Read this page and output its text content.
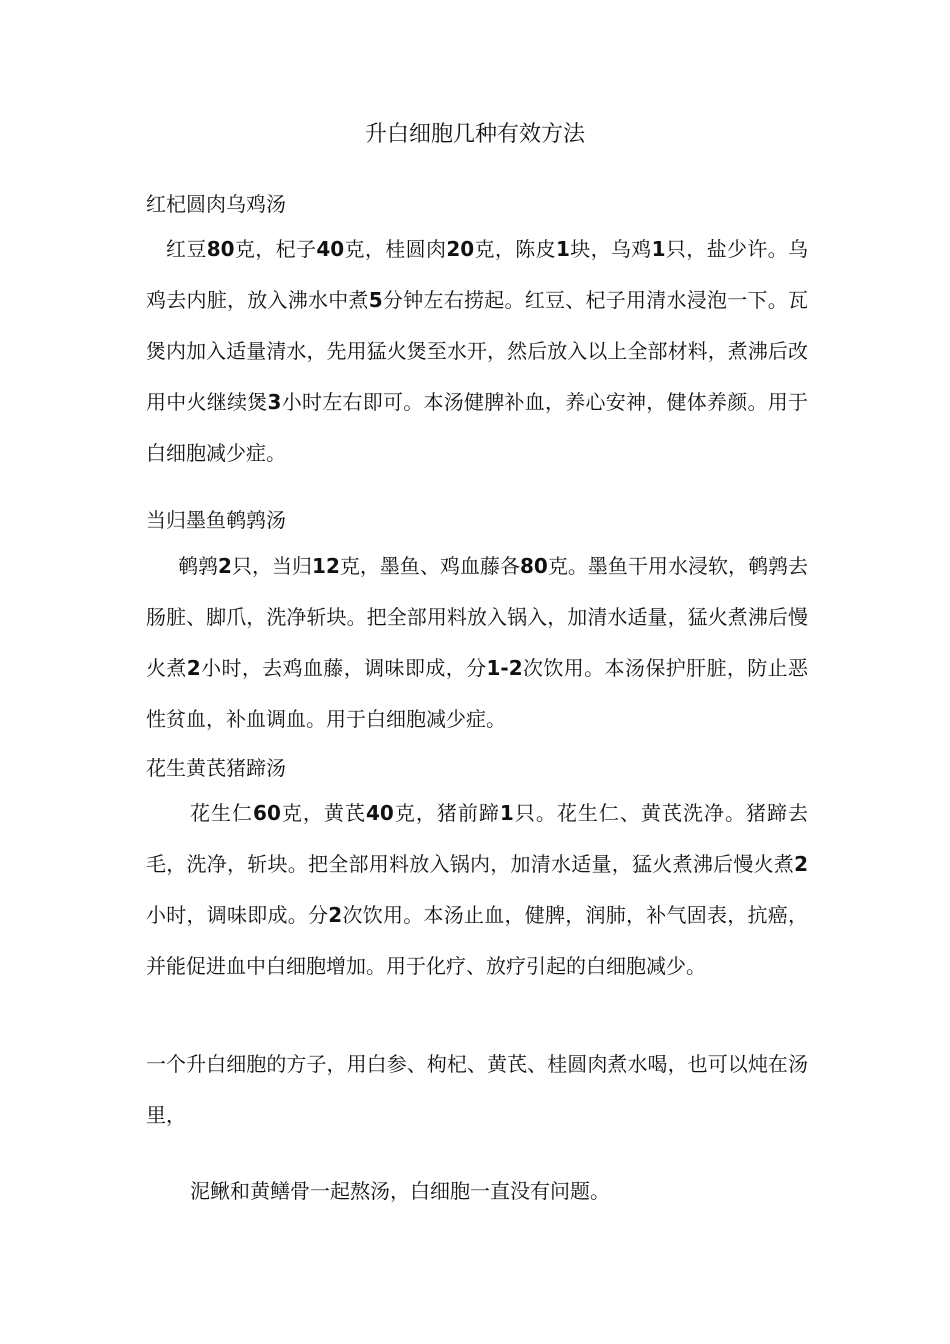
升白细胞几种有效方法
红杞圆肉乌鸡汤
红豆80克，杞子40克，桂圆肉20克，陈皮1块，乌鸡1只，盐少许。乌鸡去内脏，放入沸水中煮5分钟左右捞起。红豆、杞子用清水浸泡一下。瓦煲内加入适量清水，先用猛火煲至水开，然后放入以上全部材料，煮沸后改用中火继续煲3小时左右即可。本汤健脾补血，养心安神，健体养颜。用于白细胞减少症。
当归墨鱼鹌鹑汤
鹌鹑2只，当归12克，墨鱼、鸡血藤各80克。墨鱼干用水浸软，鹌鹑去肠脏、脚爪，洗净斩块。把全部用料放入锅入，加清水适量，猛火煮沸后慢火煮2小时，去鸡血藤，调味即成，分1-2次饮用。本汤保护肝脏，防止恶性贫血，补血调血。用于白细胞减少症。
花生黄芪猪蹄汤
花生仁60克，黄芪40克，猪前蹄1只。花生仁、黄芪洗净。猪蹄去毛，洗净，斩块。把全部用料放入锅内，加清水适量，猛火煮沸后慢火煮2小时，调味即成。分2次饮用。本汤止血，健脾，润肺，补气固表，抗癌，并能促进血中白细胞增加。用于化疗、放疗引起的白细胞减少。
一个升白细胞的方子，用白参、枸杞、黄芪、桂圆肉煮水喝，也可以炖在汤里，
泥鳅和黄鳝骨一起熬汤，白细胞一直没有问题。
